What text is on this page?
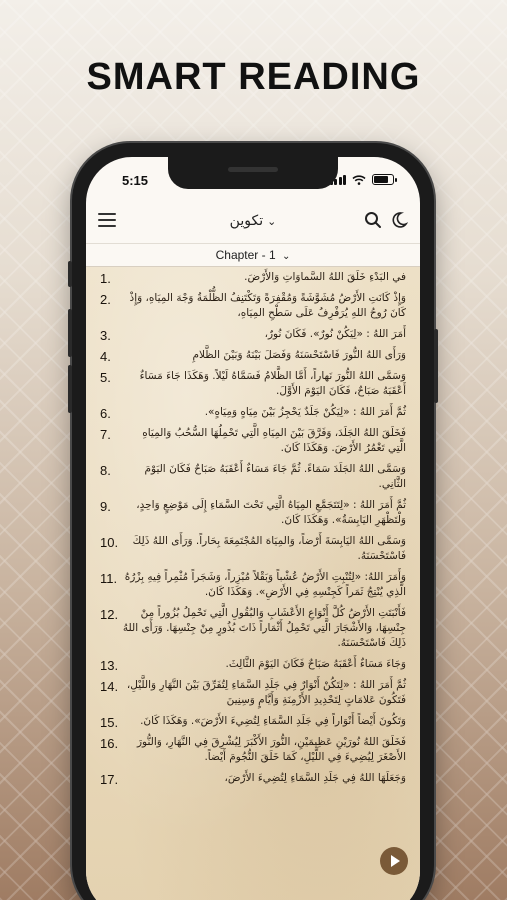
SMART READING
5:15
تكوين ⌄
Chapter - 1 ⌄
1.	في البَدْءِ خَلَقَ اللهُ السَّماوَاتِ وَالأَرْضَ.
2.	وَإِذْ كَانَتِ الأَرْضُ مُشَوَّشَةً وَمُقْفِرَةً وَتَكْتَنِفُ الظُّلْمَةُ وَجْهَ المِيَاهِ، وَإِذْ كَانَ رُوحُ اللهِ يُرَفْرِفُ عَلَى سَطْحِ المِيَاهِ،
3.	أَمَرَ اللهُ : «لِيَكُنْ نُورٌ». فَكَانَ نُورٌ،
4.	وَرَأَى اللهُ النُّورَ فَاسْتَحْسَنَهُ وَفَصَلَ بَيْنَهُ وَبَيْنَ الظَّلامِ
5.	وَسَمَّى اللهُ النُّورَ نَهاراً، أَمَّا الظَّلامُ فَسَمَّاهُ لَيْلاً. وَهَكَذَا جَاءَ مَسَاءٌ أَعْقَبَهُ صَبَاحٌ، فَكَانَ اليَوْمَ الأَوَّلَ.
6.	ثُمَّ أَمَرَ اللهُ : «لِيَكُنْ جَلَدٌ يَحْجِزُ بَيْنَ مِيَاهٍ وَمِيَاهٍ».
7.	فَخَلَقَ اللهُ الجَلَدَ، وَفَرَّقَ بَيْنَ المِيَاهِ الَّتِي تَحْمِلُهَا السُّحُبُ وَالمِيَاهِ الَّتِي تَغْمُرُ الأَرْضَ. وَهَكَذَا كَانَ.
8.	وَسَمَّى اللهُ الجَلَدَ سَمَاءً. ثُمَّ جَاءَ مَسَاءٌ أَعْقَبَهُ صَبَاحٌ فَكَانَ اليَوْمَ الثَّانِي.
9.	ثُمَّ أَمَرَ اللهُ : «لِتَتَجَمَّعِ المِيَاهُ الَّتِي تَحْتَ السَّمَاءِ إِلَى مَوْضِعٍ وَاحِدٍ، وَلْتَظْهَرِ اليَابِسَةُ». وَهَكَذَا كَانَ.
10.	وَسَمَّى اللهُ اليَابِسَةَ أَرْضاً، وَالمِيَاهَ المُجْتَمِعَةَ بِحَاراً. وَرَأَى اللهُ ذَلِكَ فَاسْتَحْسَنَهُ.
11. وَأَمَرَ اللهُ: «لِتُنْبِتِ الأَرْضُ عُشْباً وَبَقْلاً مُبْزِراً، وَشَجَراً مُثْمِراً فِيهِ بِزْرُهُ الَّذِي يُنْتِجُ ثَمَراً كَجِنْسِهِ فِي الأَرْضِ». وَهَكَذَا كَانَ.
12.	فَأَنْبَتَتِ الأَرْضُ كُلَّ أَنْوَاعِ الأَعْشَابِ وَالبُقُولِ الَّتِي تَحْمِلُ بُزُوراً مِنْ جِنْسِهَا، وَالأَشْجَارَ الَّتِي تَحْمِلُ أَثْمَاراً ذَاتَ بُذُورٍ مِنْ جِنْسِهَا. وَرَأَى اللهُ ذَلِكَ فَاسْتَحْسَنَهُ.
13.	وَجَاءَ مَسَاءٌ أَعْقَبَهُ صَبَاحٌ فَكَانَ اليَوْمَ الثَّالِثَ.
14. ثُمَّ أَمَرَ اللهُ : «لِتَكُنْ أَنْوَارٌ فِي جَلَدِ السَّمَاءِ لِتُفَرِّقَ بَيْنَ النَّهَارِ وَاللَّيْلِ، فَتَكُونَ عَلامَاتٍ لِتَحْدِيدِ الأَزْمِنَةِ وَأَيَّامٍ وَسِنِينَ
15.	وَتَكُونَ أَيْضاً أَنْوَاراً فِي جَلَدِ السَّمَاءِ لِتُضِيءَ الأَرْضَ». وَهَكَذَا كَانَ.
16.	فَخَلَقَ اللهُ نُورَيْنِ عَظِيمَيْنِ، النُّورَ الأَكْبَرَ لِيُشْرِقَ فِي النَّهَارِ، وَالنُّورَ الأَصْغَرَ لِيُضِيءَ فِي اللَّيْلِ، كَمَا خَلَقَ النُّجُومَ أَيْضاً.
17.	وَجَعَلَهَا اللهُ فِي جَلَدِ السَّمَاءِ لِتُضِيءَ الأَرْضَ،
